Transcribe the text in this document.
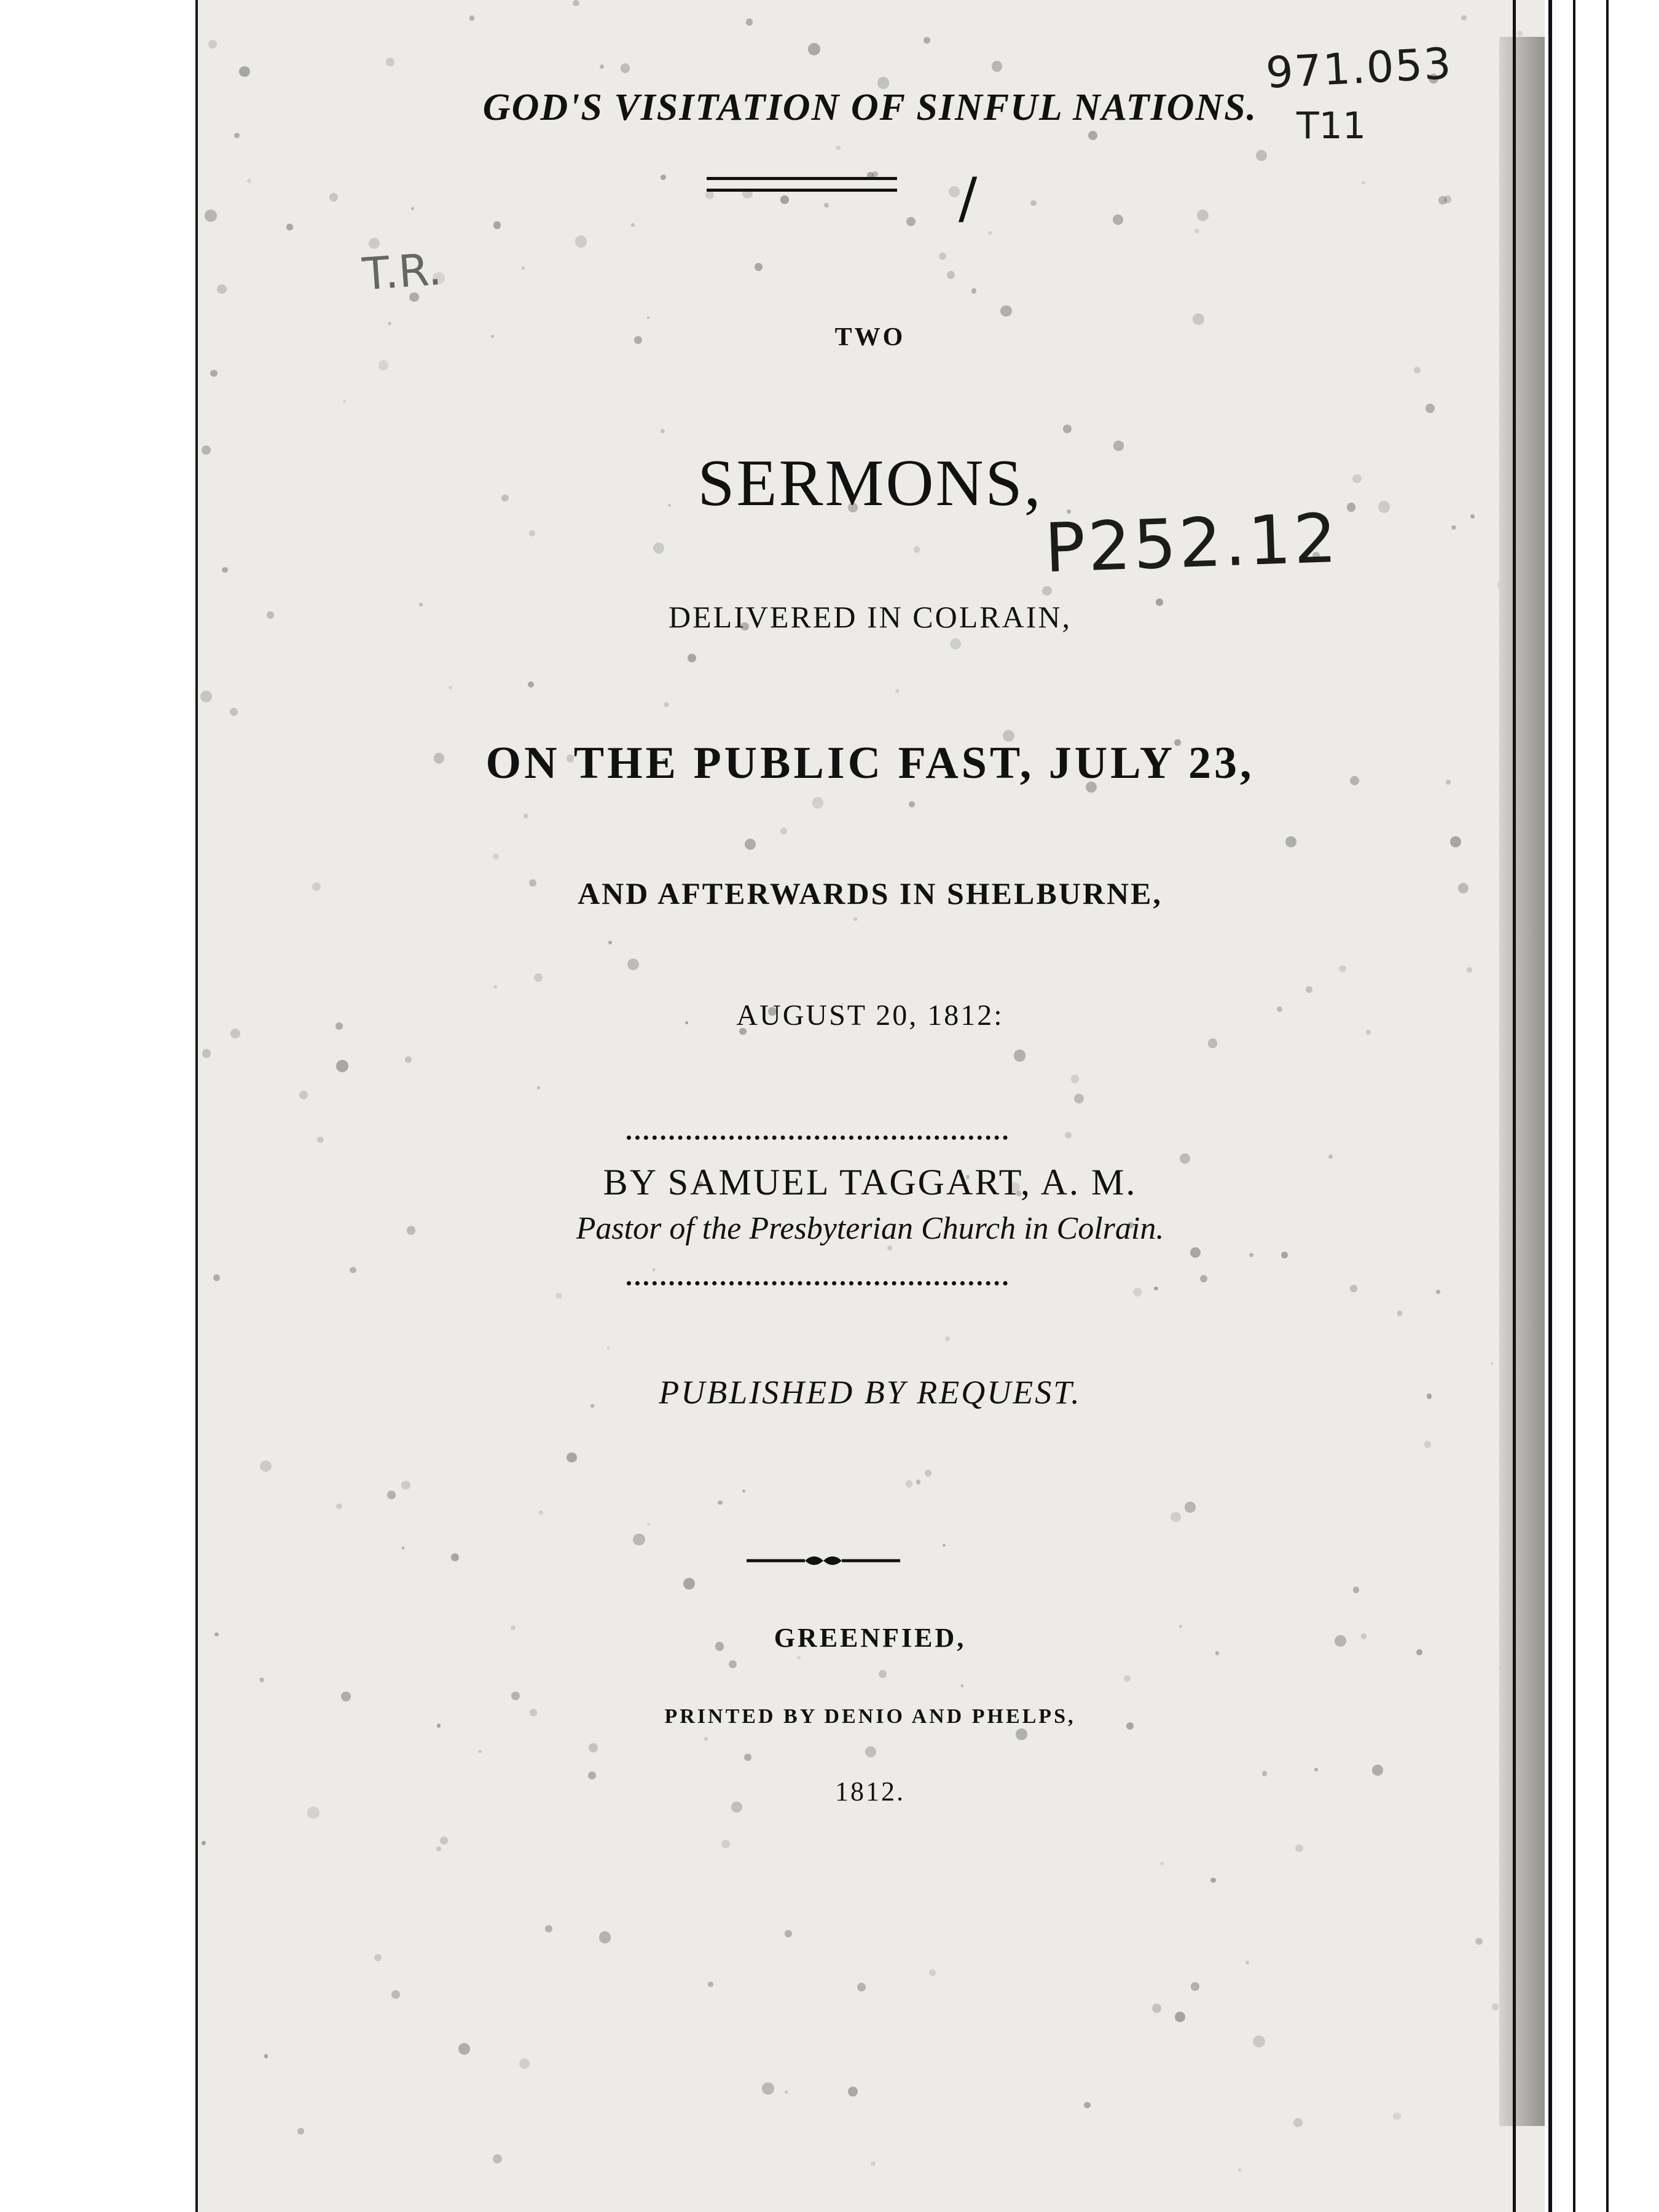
GOD'S VISITATION OF SINFUL NATIONS.
/

TWO

SERMONS,

DELIVERED IN COLRAIN,

ON THE PUBLIC FAST, JULY 23,

AND AFTERWARDS IN SHELBURNE,

AUGUST 20, 1812:

BY SAMUEL TAGGART, A. M.

Pastor of the Presbyterian Church in Colrain.

PUBLISHED BY REQUEST.

GREENFIED,

PRINTED BY DENIO AND PHELPS,

1812.

971.053
T11
T.R.
P252.12
